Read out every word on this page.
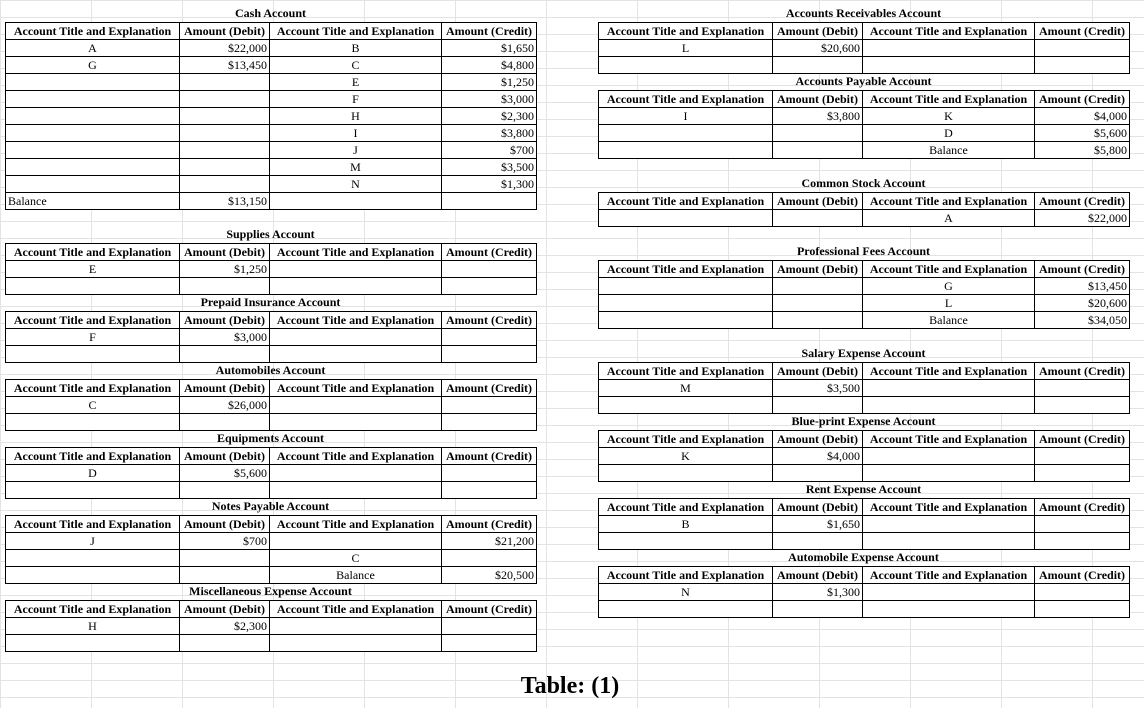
Cash Account
Account Title and Explanation	Amount (Debit)	Account Title and Explanation	Amount (Credit)
A	$22,000	B	$1,650
G	$13,450	C	$4,800
		E	$1,250
		F	$3,000
		H	$2,300
		I	$3,800
		J	$700
		M	$3,500
		N	$1,300
Balance	$13,150		
Supplies Account
Account Title and Explanation	Amount (Debit)	Account Title and Explanation	Amount (Credit)
E	$1,250		

Prepaid Insurance Account
Account Title and Explanation	Amount (Debit)	Account Title and Explanation	Amount (Credit)
F	$3,000		

Automobiles Account
Account Title and Explanation	Amount (Debit)	Account Title and Explanation	Amount (Credit)
C	$26,000		

Equipments Account
Account Title and Explanation	Amount (Debit)	Account Title and Explanation	Amount (Credit)
D	$5,600		

Notes Payable Account
Account Title and Explanation	Amount (Debit)	Account Title and Explanation	Amount (Credit)
J	$700		$21,200
		C	
		Balance	$20,500
Miscellaneous Expense Account
Account Title and Explanation	Amount (Debit)	Account Title and Explanation	Amount (Credit)
H	$2,300		

Accounts Receivables Account
Account Title and Explanation	Amount (Debit)	Account Title and Explanation	Amount (Credit)
L	$20,600		

Accounts Payable Account
Account Title and Explanation	Amount (Debit)	Account Title and Explanation	Amount (Credit)
I	$3,800	K	$4,000
		D	$5,600
		Balance	$5,800
Common Stock Account
Account Title and Explanation	Amount (Debit)	Account Title and Explanation	Amount (Credit)
		A	$22,000
Professional Fees Account
Account Title and Explanation	Amount (Debit)	Account Title and Explanation	Amount (Credit)
		G	$13,450
		L	$20,600
		Balance	$34,050
Salary Expense Account
Account Title and Explanation	Amount (Debit)	Account Title and Explanation	Amount (Credit)
M	$3,500		

Blue-print Expense Account
Account Title and Explanation	Amount (Debit)	Account Title and Explanation	Amount (Credit)
K	$4,000		

Rent Expense Account
Account Title and Explanation	Amount (Debit)	Account Title and Explanation	Amount (Credit)
B	$1,650		

Automobile Expense Account
Account Title and Explanation	Amount (Debit)	Account Title and Explanation	Amount (Credit)
N	$1,300		

Table: (1)
